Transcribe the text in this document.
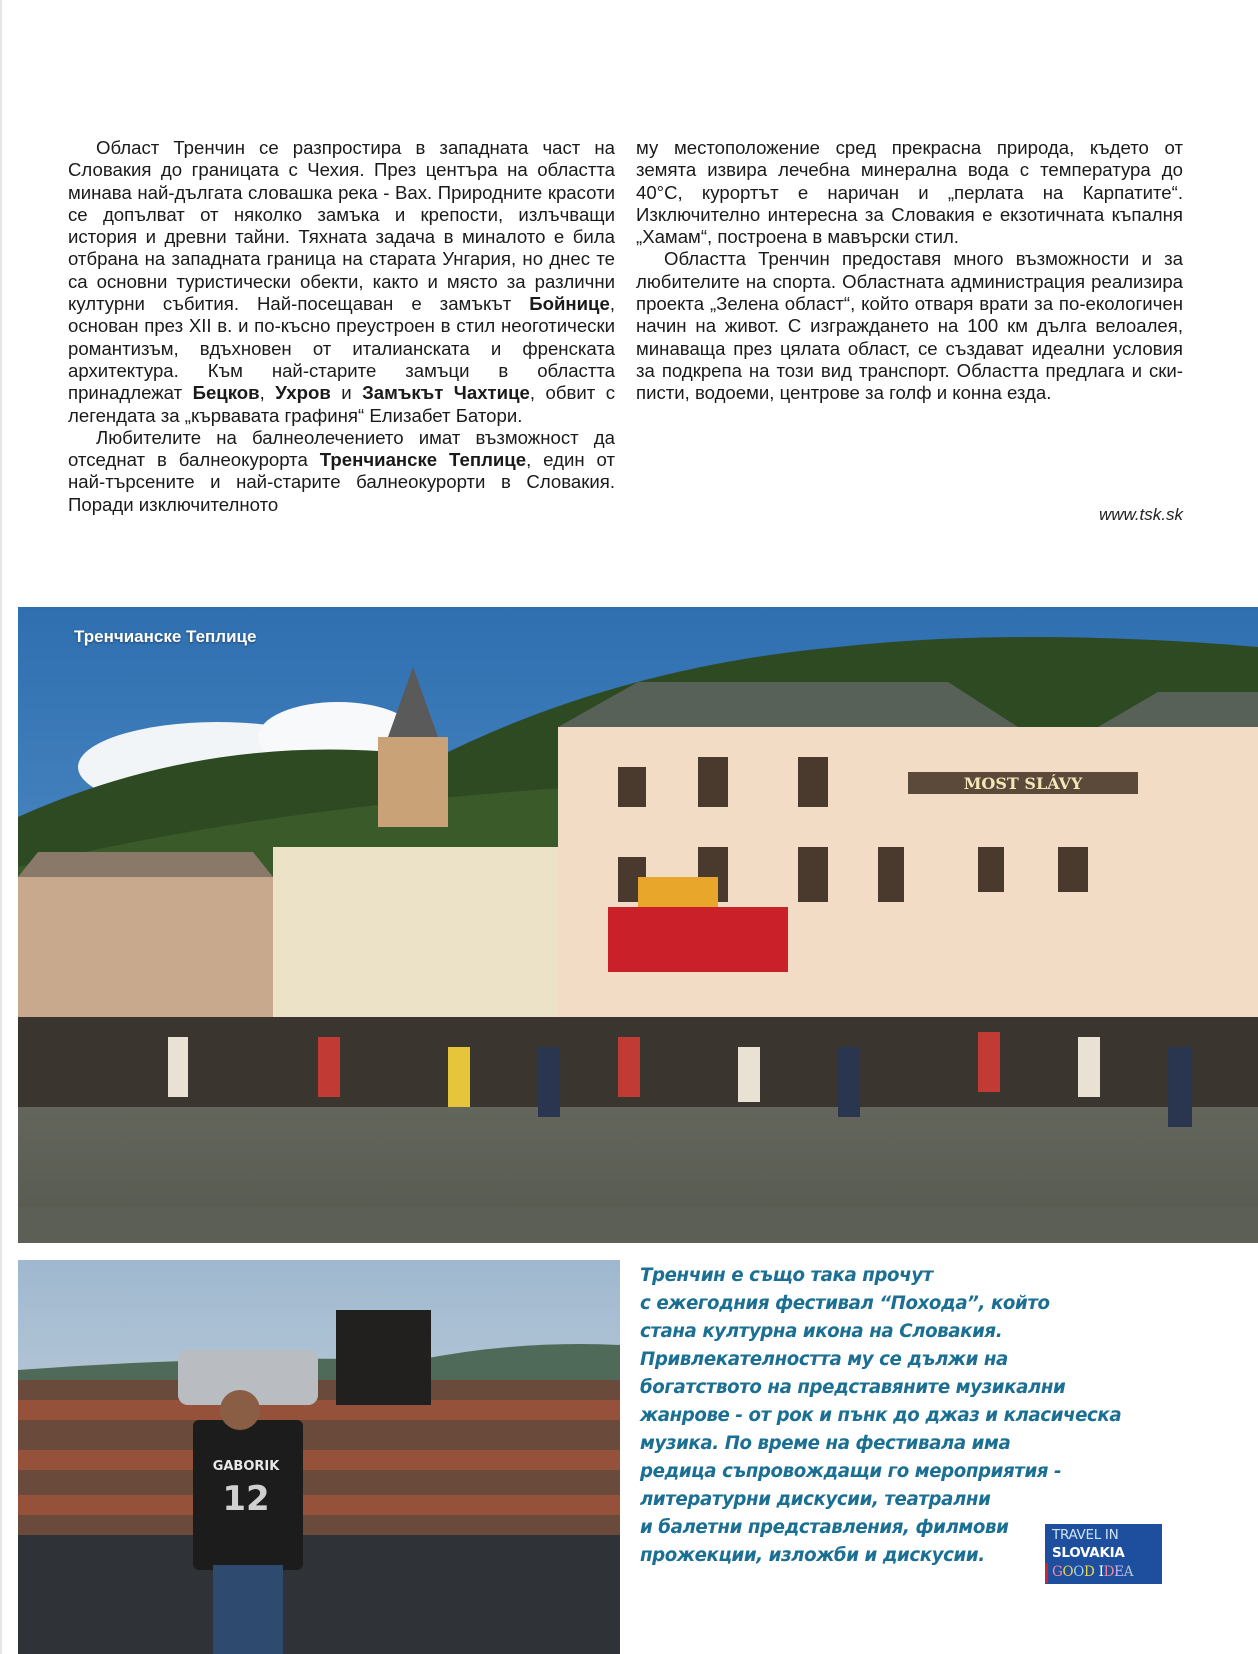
Област Тренчин се разпростира в западната част на Словакия до границата с Чехия. През центъра на областта минава най-дългата словашка река - Вах. Природните красоти се допълват от няколко замъка и крепости, излъчващи история и древни тайни. Тяхната задача в миналото е била отбрана на западната граница на старата Унгария, но днес те са основни туристически обекти, както и място за различни културни събития. Най-посещаван е замъкът Бойнице, основан през XII в. и по-късно преустроен в стил неоготически романтизъм, вдъхновен от италианската и френската архитектура. Към най-старите замъци в областта принадлежат Бецков, Ухров и Замъкът Чахтице, обвит с легендата за „кървавата графиня“ Елизабет Батори.

Любителите на балнеолечението имат възможност да отседнат в балнеокурорта Тренчианске Теплице, един от най-търсените и най-старите балнеокурорти в Словакия. Поради изключителното

му местоположение сред прекрасна природа, където от земята извира лечебна минерална вода с температура до 40°C, курортът е наричан и „перлата на Карпатите“. Изключително интересна за Словакия е екзотичната къпалня „Хамам“, построена в мавърски стил.

Областта Тренчин предоставя много възможности и за любителите на спорта. Областната администрация реализира проекта „Зелена област“, който отваря врати за по-екологичен начин на живот. С изграждането на 100 км дълга велоалея, минаваща през цялата област, се създават идеални условия за подкрепа на този вид транспорт. Областта предлага и ски-писти, водоеми, центрове за голф и конна езда.

www.tsk.sk
MOST SLÁVY
Тренчианске Теплице
GABORIK
12
Тренчин е също така прочут
с ежегодния фестивал “Похода”, който
стана културна икона на Словакия.
Привлекателността му се дължи на
богатството на представяните музикални
жанрове - от рок и пънк до джаз и класическа
музика. По време на фестивала има
редица съпровождащи го мероприятия -
литературни дискусии, театрални
и балетни представления, филмови
прожекции, изложби и дискусии.
TRAVEL IN
SLOVAKIA
GOOD IDEA
